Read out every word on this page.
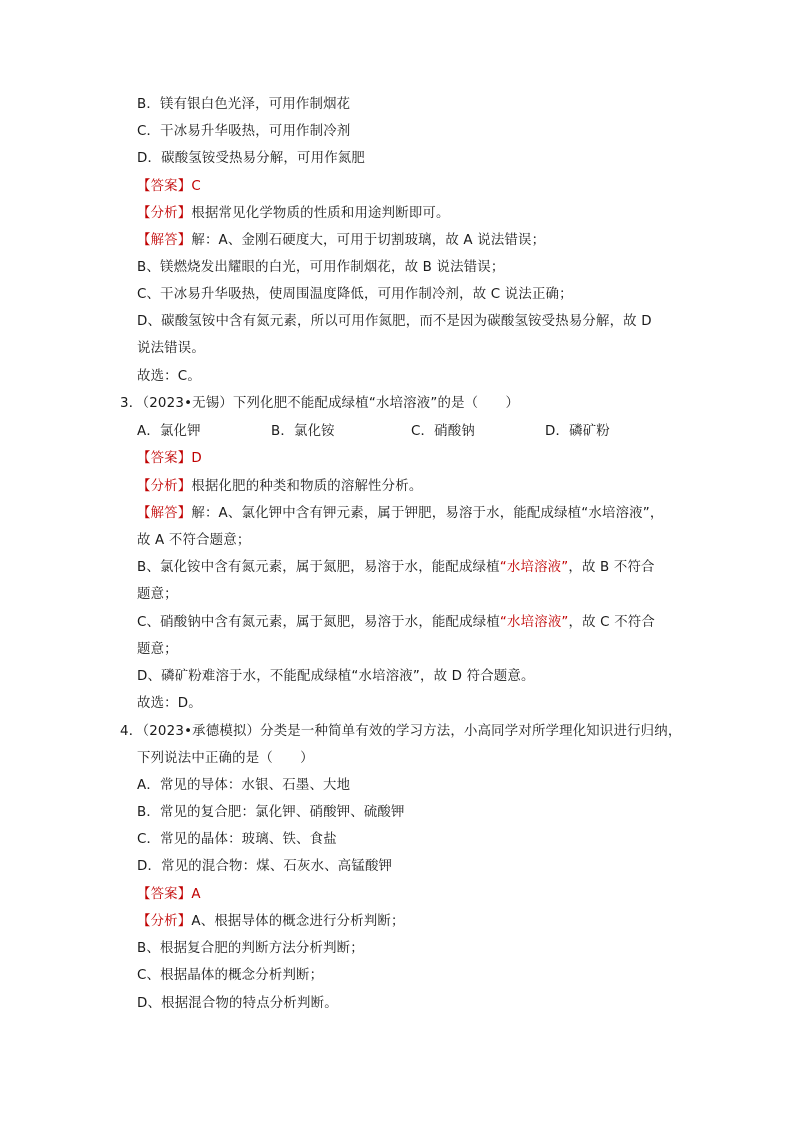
B．镁有银白色光泽，可用作制烟花
C．干冰易升华吸热，可用作制冷剂
D．碳酸氢铵受热易分解，可用作氮肥
【答案】C
【分析】根据常见化学物质的性质和用途判断即可。
【解答】解：A、金刚石硬度大，可用于切割玻璃，故 A 说法错误；
B、镁燃烧发出耀眼的白光，可用作制烟花，故 B 说法错误；
C、干冰易升华吸热，使周围温度降低，可用作制冷剂，故 C 说法正确；
D、碳酸氢铵中含有氮元素，所以可用作氮肥，而不是因为碳酸氢铵受热易分解，故 D
说法错误。
故选：C。
3．（2023•无锡）下列化肥不能配成绿植“水培溶液”的是（　　）
A．氯化钾	B．氯化铵	C．硝酸钠	D．磷矿粉
【答案】D
【分析】根据化肥的种类和物质的溶解性分析。
【解答】解：A、氯化钾中含有钾元素，属于钾肥，易溶于水，能配成绿植“水培溶液”，
故 A 不符合题意；
B、氯化铵中含有氮元素，属于氮肥，易溶于水，能配成绿植“水培溶液”，故 B 不符合
题意；
C、硝酸钠中含有氮元素，属于氮肥，易溶于水，能配成绿植“水培溶液”，故 C 不符合
题意；
D、磷矿粉难溶于水，不能配成绿植“水培溶液”，故 D 符合题意。
故选：D。
4．（2023•承德模拟）分类是一种简单有效的学习方法，小高同学对所学理化知识进行归纳，
下列说法中正确的是（　　）
A．常见的导体：水银、石墨、大地
B．常见的复合肥：氯化钾、硝酸钾、硫酸钾
C．常见的晶体：玻璃、铁、食盐
D．常见的混合物：煤、石灰水、高锰酸钾
【答案】A
【分析】A、根据导体的概念进行分析判断；
B、根据复合肥的判断方法分析判断；
C、根据晶体的概念分析判断；
D、根据混合物的特点分析判断。
